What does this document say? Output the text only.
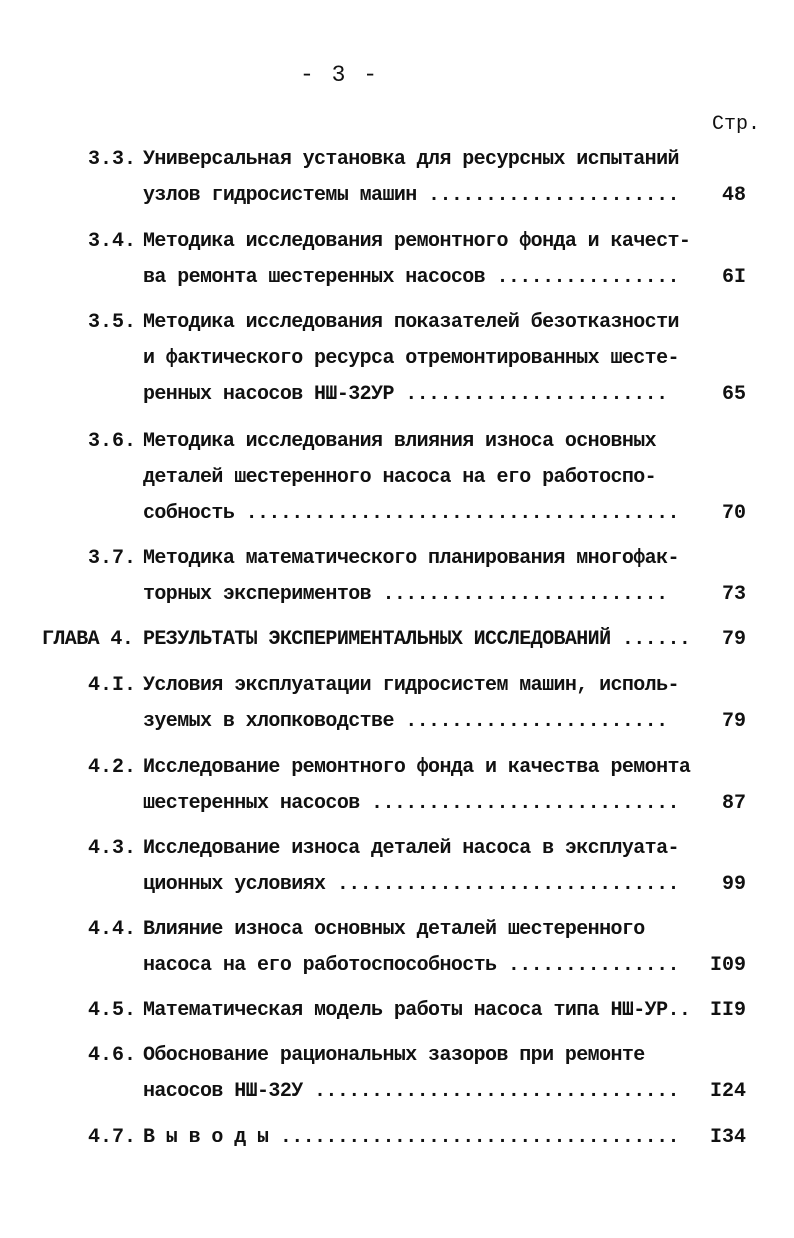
- 3 -
Стр.
3.3. Универсальная установка для ресурсных испытаний
узлов гидросистемы машин ...................... 48
3.4. Методика исследования ремонтного фонда и качест-
ва ремонта шестеренных насосов ................ 6I
3.5. Методика исследования показателей безотказности
и фактического ресурса отремонтированных шесте-
ренных насосов НШ-32УР .......................	65
3.6. Методика исследования влияния износа основных
деталей шестеренного насоса на его работоспо-
собность ...................................... 70
3.7. Методика математического планирования многофак-
торных экспериментов .........................	73
ГЛАВА 4. РЕЗУЛЬТАТЫ ЭКСПЕРИМЕНТАЛЬНЫХ ИССЛЕДОВАНИЙ ...... 79
4.I. Условия эксплуатации гидросистем машин, исполь-
зуемых в хлопководстве .......................	79
4.2. Исследование ремонтного фонда и качества ремонта
шестеренных насосов ........................... 87
4.3. Исследование износа деталей насоса в эксплуата-
ционных условиях .............................. 99
4.4. Влияние износа основных деталей шестеренного
насоса на его работоспособность ............... I09
4.5. Математическая модель работы насоса типа НШ-УР.. II9
4.6. Обоснование рациональных зазоров при ремонте
насосов НШ-32У ................................ I24
4.7. В ы в о д ы ................................... I34
